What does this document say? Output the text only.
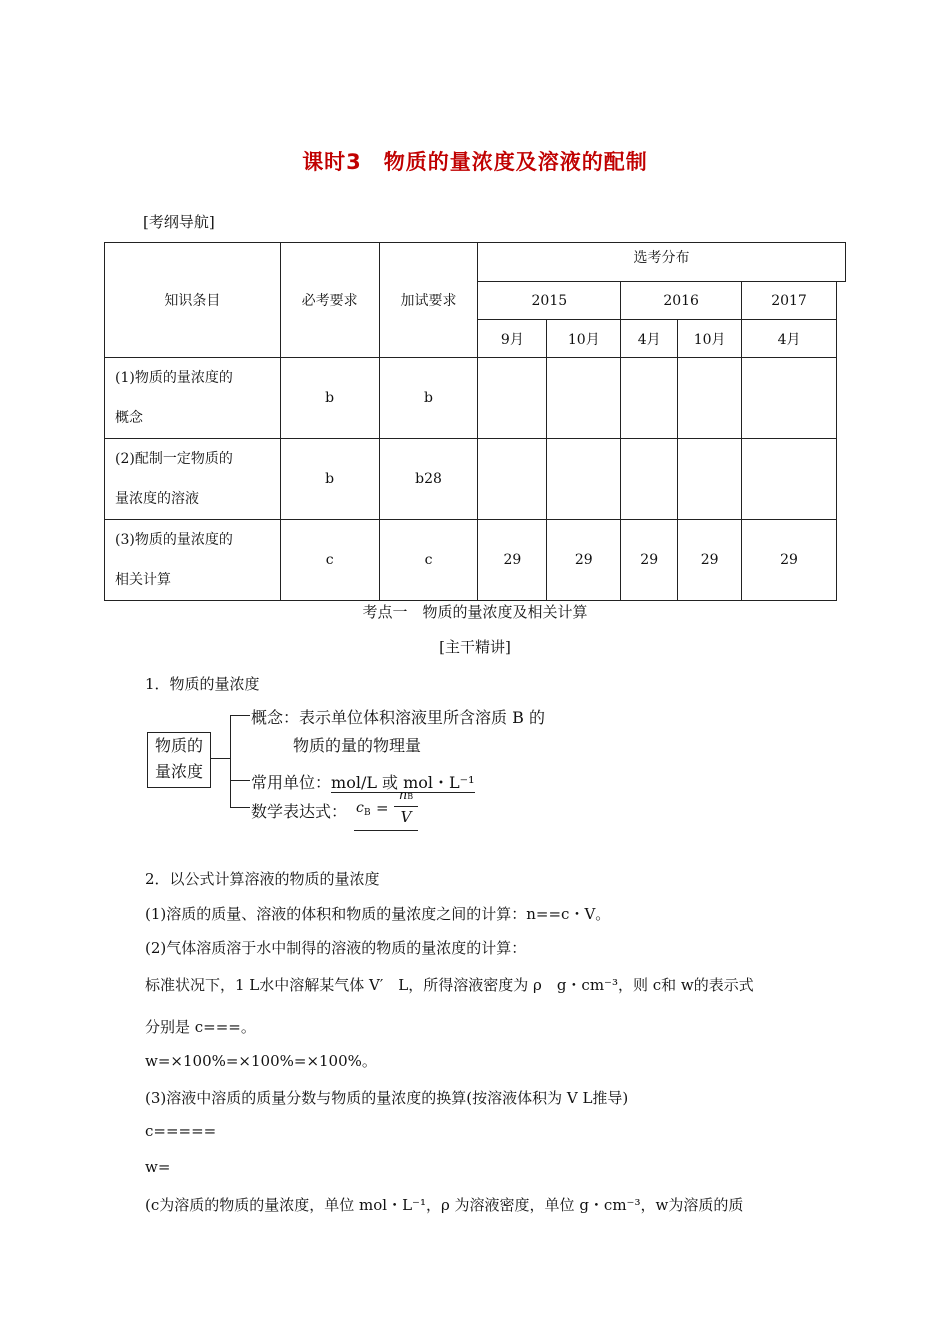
课时3　物质的量浓度及溶液的配制
[考纲导航]
知识条目	必考要求	加试要求	选考分布				

			2015		2016		2017
			9月	10月	4月	10月	4月
(1)物质的量浓度的
概念	b	b					
(2)配制一定物质的
量浓度的溶液	b	b28					
(3)物质的量浓度的
相关计算	c	c	29	29	29	29	29
考点一　物质的量浓度及相关计算
[主干精讲]
1．物质的量浓度
物质的
量浓度
概念：表示单位体积溶液里所含溶质 B 的
物质的量的物理量
常用单位：mol/L 或 mol・L⁻¹
数学表达式： c B =
nB
V
2．以公式计算溶液的物质的量浓度
(1)溶质的质量、溶液的体积和物质的量浓度之间的计算：n==c・V。
(2)气体溶质溶于水中制得的溶液的物质的量浓度的计算：
标准状况下，1 L水中溶解某气体 V′　L，所得溶液密度为 ρ　g・cm⁻³，则 c和 w的表示式
分别是 c===。
w=×100%=×100%=×100%。
(3)溶液中溶质的质量分数与物质的量浓度的换算(按溶液体积为 V L推导)
c=====
w=
(c为溶质的物质的量浓度，单位 mol・L⁻¹，ρ 为溶液密度，单位 g・cm⁻³，w为溶质的质
